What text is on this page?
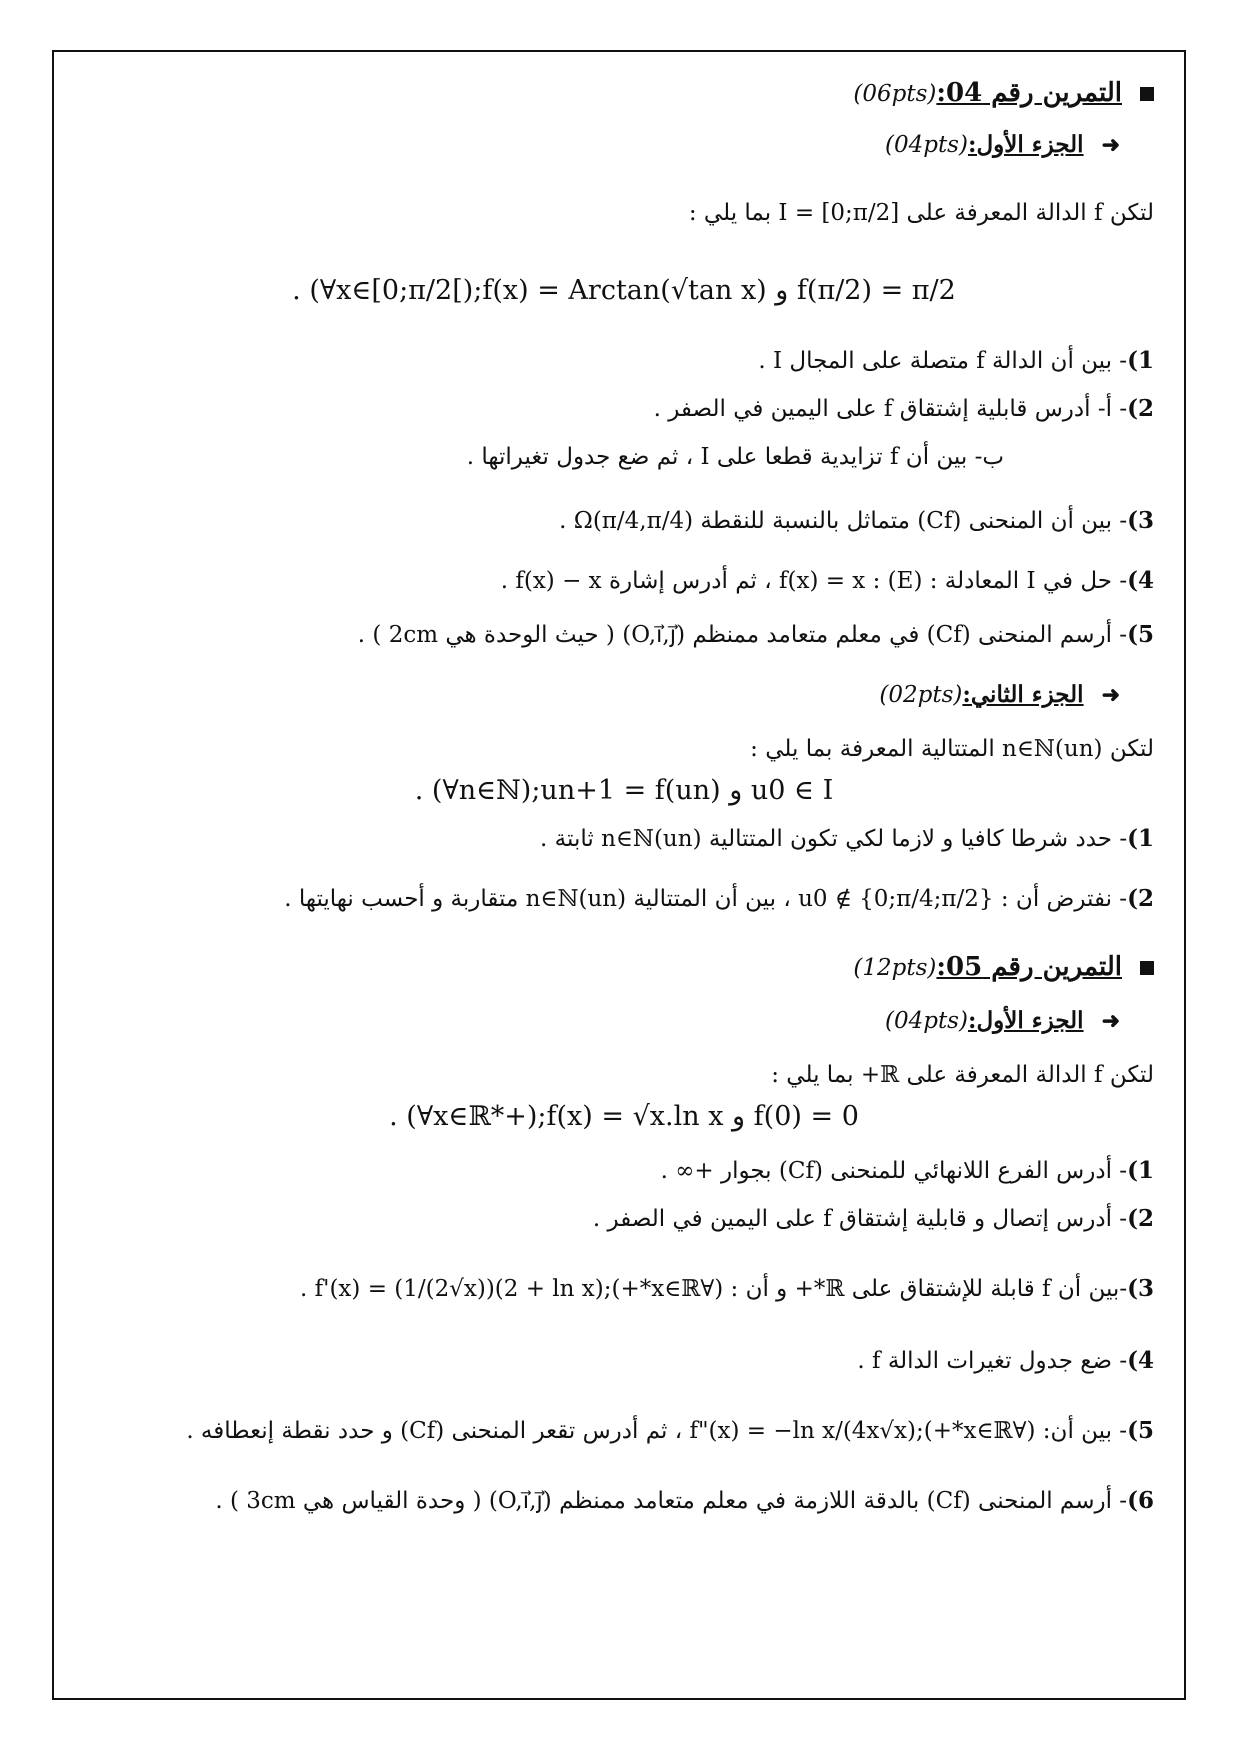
التمرين رقم 04:(06pts)
➜الجزء الأول:(04pts)
لتكن f الدالة المعرفة على I = [0;π/2] بما يلي :
. (∀x∈[0;π/2[);f(x) = Arctan(√tan x) و f(π/2) = π/2
1)- بين أن الدالة f متصلة على المجال I .
2)- أ- أدرس قابلية إشتقاق f على اليمين في الصفر .
ب- بين أن f تزايدية قطعا على I ، ثم ضع جدول تغيراتها .
3)- بين أن المنحنى (Cf) متماثل بالنسبة للنقطة Ω(π/4,π/4) .
4)- حل في I المعادلة : (E) : f(x) = x ، ثم أدرس إشارة f(x) − x .
5)- أرسم المنحنى (Cf) في معلم متعامد ممنظم (O,i⃗,j⃗) ( حيث الوحدة هي 2cm ) .
➜الجزء الثاني:(02pts)
لتكن (un)n∈ℕ المتتالية المعرفة بما يلي :
. (∀n∈ℕ);un+1 = f(un) و u0 ∈ I
1)- حدد شرطا كافيا و لازما لكي تكون المتتالية (un)n∈ℕ ثابتة .
2)- نفترض أن : u0 ∉ {0;π/4;π/2} ، بين أن المتتالية (un)n∈ℕ متقاربة و أحسب نهايتها .
التمرين رقم 05:(12pts)
➜الجزء الأول:(04pts)
لتكن f الدالة المعرفة على ℝ+ بما يلي :
. (∀x∈ℝ*+);f(x) = √x.ln x و f(0) = 0
1)- أدرس الفرع اللانهائي للمنحنى (Cf) بجوار +∞ .
2)- أدرس إتصال و قابلية إشتقاق f على اليمين في الصفر .
3)-بين أن f قابلة للإشتقاق على ℝ*+ و أن : (∀x∈ℝ*+);f'(x) = (1/(2√x))(2 + ln x) .
4)- ضع جدول تغيرات الدالة f .
5)- بين أن: (∀x∈ℝ*+);f"(x) = −ln x/(4x√x) ، ثم أدرس تقعر المنحنى (Cf) و حدد نقطة إنعطافه .
6)- أرسم المنحنى (Cf) بالدقة اللازمة في معلم متعامد ممنظم (O,i⃗,j⃗) ( وحدة القياس هي 3cm ) .
